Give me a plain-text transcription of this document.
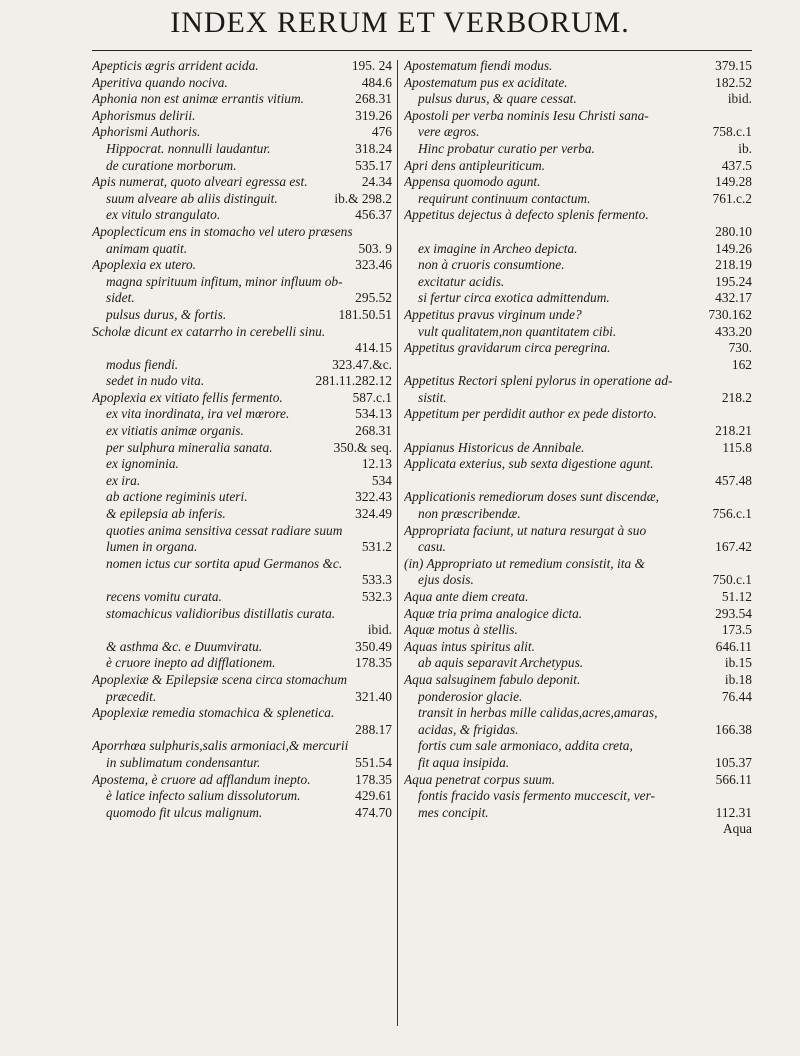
INDEX RERUM ET VERBORUM.
Apepticis ægris arrident acida.	195. 24
Aperitiva quando nociva.	484.6
Aphonia non est animæ errantis vitium.	268.31
Aphorismus delirii.	319.26
Aphorismi Authoris.	476
Hippocrat. nonnulli laudantur.	318.24
de curatione morborum.	535.17
Apis numerat, quoto alveari egressa est.	24.34
suum alveare ab aliis distinguit.	ib.& 298.2
ex vitulo strangulato.	456.37
Apoplecticum ens in stomacho vel utero præsens
animam quatit.	503. 9
Apoplexia ex utero.	323.46
magna spirituum infitum, minor influum ob-
sidet.	295.52
pulsus durus, & fortis.	181.50.51
Scholæ dicunt ex catarrho in cerebelli sinu.
414.15
modus fiendi.	323.47.&c.
sedet in nudo vita.	281.11.282.12
Apoplexia ex vitiato fellis fermento.	587.c.1
ex vita inordinata, ira vel mœrore.	534.13
ex vitiatis animæ organis.	268.31
per sulphura mineralia sanata.	350.& seq.
ex ignominia.	12.13
ex ira.	534
ab actione regiminis uteri.	322.43
& epilepsia ab inferis.	324.49
quoties anima sensitiva cessat radiare suum
lumen in organa.	531.2
nomen ictus cur sortita apud Germanos &c.
533.3
recens vomitu curata.	532.3
stomachicus validioribus distillatis curata.
ibid.
& asthma &c. e Duumviratu.	350.49
è cruore inepto ad difflationem.	178.35
Apoplexiæ & Epilepsiæ scena circa stomachum
præcedit.	321.40
Apoplexiæ remedia stomachica & splenetica.
288.17
Aporrhœa sulphuris,salis armoniaci,& mercurii
in sublimatum condensantur.	551.54
Apostema, è cruore ad afflandum inepto.	178.35
è latice infecto salium dissolutorum.	429.61
quomodo fit ulcus malignum.	474.70
Apostematum fiendi modus.	379.15
Apostematum pus ex aciditate.	182.52
pulsus durus, & quare cessat.	ibid.
Apostoli per verba nominis Iesu Christi sana-
vere ægros.	758.c.1
Hinc probatur curatio per verba.	ib.
Apri dens antipleuriticum.	437.5
Appensa quomodo agunt.	149.28
requirunt continuum contactum.	761.c.2
Appetitus dejectus à defecto splenis fermento.
280.10
ex imagine in Archeo depicta.	149.26
non à cruoris consumtione.	218.19
excitatur acidis.	195.24
si fertur circa exotica admittendum.	432.17
Appetitus pravus virginum unde?	730.162
vult qualitatem,non quantitatem cibi.	433.20
Appetitus gravidarum circa peregrina.	730.
162
Appetitus Rectori spleni pylorus in operatione ad-
sistit.	218.2
Appetitum per perdidit author ex pede distorto.
218.21
Appianus Historicus de Annibale.	115.8
Applicata exterius, sub sexta digestione agunt.
457.48
Applicationis remediorum doses sunt discendæ,
non præscribendæ.	756.c.1
Appropriata faciunt, ut natura resurgat à suo
casu.	167.42
(in) Appropriato ut remedium consistit, ita &
ejus dosis.	750.c.1
Aqua ante diem creata.	51.12
Aquæ tria prima analogice dicta.	293.54
Aquæ motus à stellis.	173.5
Aquas intus spiritus alit.	646.11
ab aquis separavit Archetypus.	ib.15
Aqua salsuginem fabulo deponit.	ib.18
ponderosior glacie.	76.44
transit in herbas mille calidas,acres,amaras,
acidas, & frigidas.	166.38
fortis cum sale armoniaco, addita creta,
fit aqua insipida.	105.37
Aqua penetrat corpus suum.	566.11
fontis fracido vasis fermento muccescit, ver-
mes concipit.	112.31
Aqua
